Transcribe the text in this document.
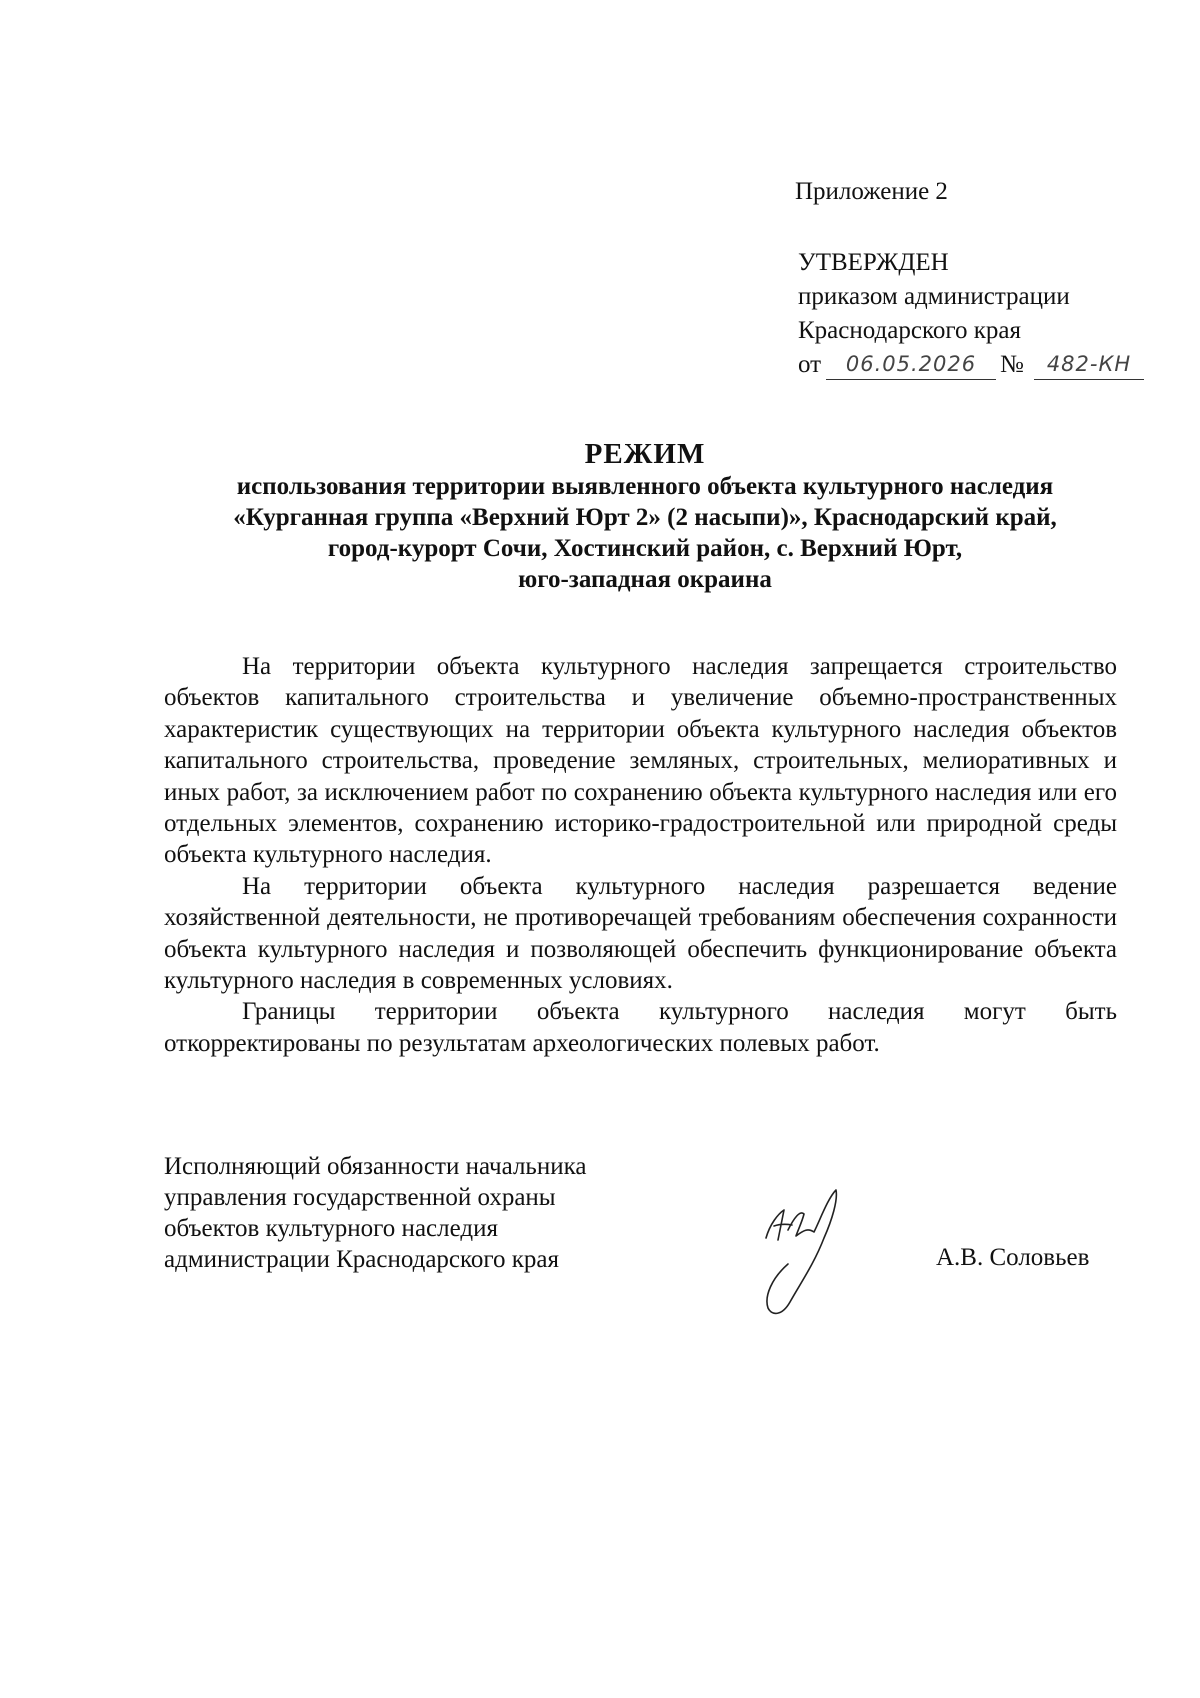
Приложение 2
УТВЕРЖДЕН
приказом администрации
Краснодарского края
от	06.05.2026 №	482-КН
РЕЖИМ
использования территории выявленного объекта культурного наследия
«Курганная группа «Верхний Юрт 2» (2 насыпи)», Краснодарский край,
город-курорт Сочи, Хостинский район, с. Верхний Юрт,
юго-западная окраина

На территории объекта культурного наследия запрещается строительство объектов капитального строительства и увеличение объемно-пространственных характеристик существующих на территории объекта культурного наследия объектов капитального строительства, проведение земляных, строительных, мелиоративных и иных работ, за исключением работ по сохранению объекта культурного наследия или его отдельных элементов, сохранению историко-градостроительной или природной среды объекта культурного наследия.

На территории объекта культурного наследия разрешается ведение хозяйственной деятельности, не противоречащей требованиям обеспечения сохранности объекта культурного наследия и позволяющей обеспечить функционирование объекта культурного наследия в современных условиях.

Границы территории объекта культурного наследия могут быть откорректированы по результатам археологических полевых работ.

Исполняющий обязанности начальника
управления государственной охраны
объектов культурного наследия
администрации Краснодарского края	А.В. Соловьев
